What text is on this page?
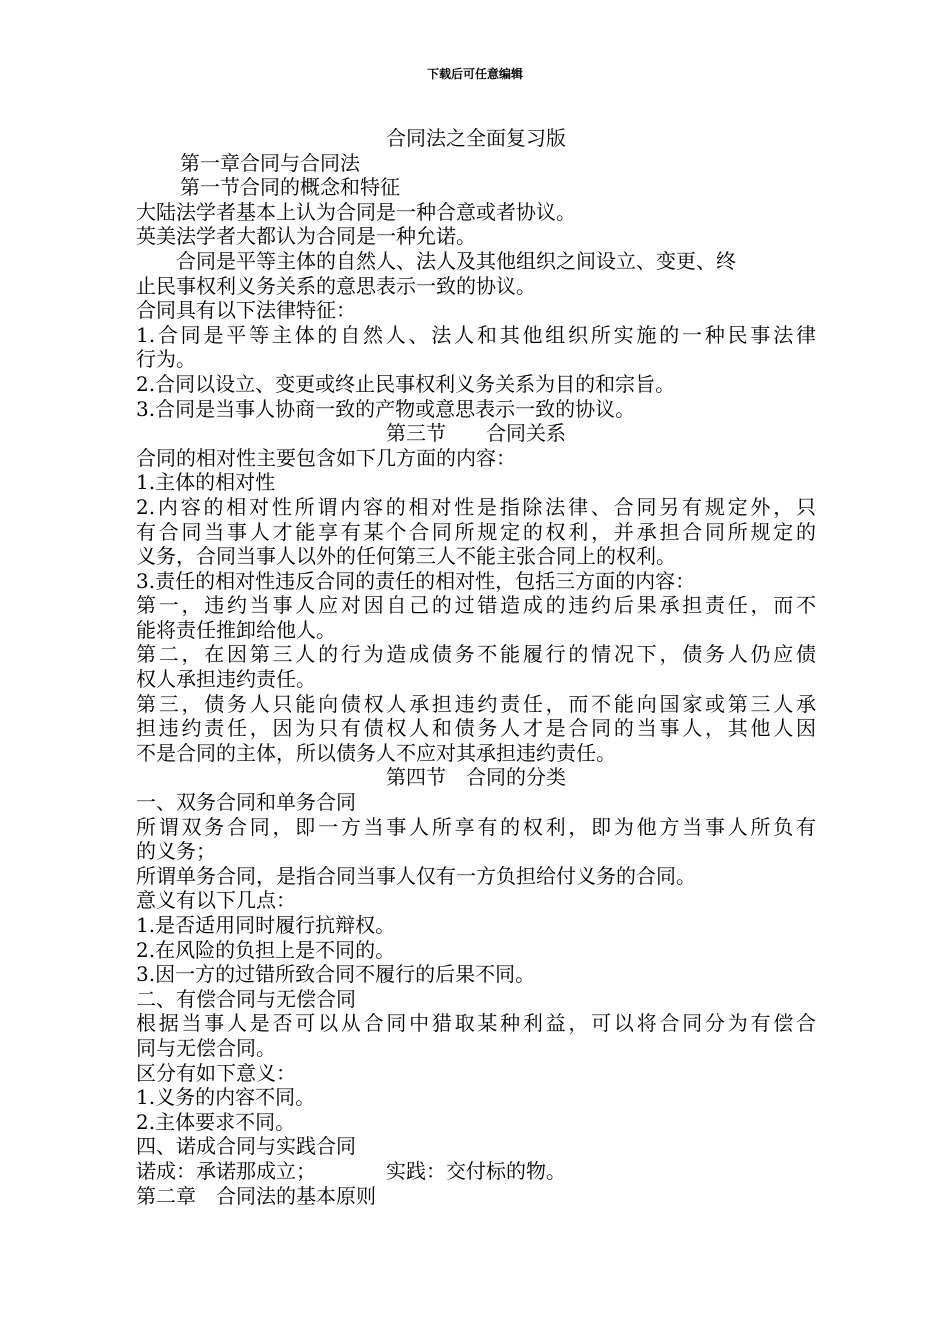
下载后可任意编辑
合同法之全面复习版
第一章合同与合同法
第一节合同的概念和特征
大陆法学者基本上认为合同是一种合意或者协议。
英美法学者大都认为合同是一种允诺。
合同是平等主体的自然人、法人及其他组织之间设立、变更、终
止民事权利义务关系的意思表示一致的协议。
合同具有以下法律特征：
1.合同是平等主体的自然人、法人和其他组织所实施的一种民事法律
行为。
2.合同以设立、变更或终止民事权利义务关系为目的和宗旨。
3.合同是当事人协商一致的产物或意思表示一致的协议。
第三节　　合同关系
合同的相对性主要包含如下几方面的内容：
1.主体的相对性
2.内容的相对性所谓内容的相对性是指除法律、合同另有规定外，只
有合同当事人才能享有某个合同所规定的权利，并承担合同所规定的
义务，合同当事人以外的任何第三人不能主张合同上的权利。
3.责任的相对性违反合同的责任的相对性，包括三方面的内容：
第一，违约当事人应对因自己的过错造成的违约后果承担责任，而不
能将责任推卸给他人。
第二，在因第三人的行为造成债务不能履行的情况下，债务人仍应债
权人承担违约责任。
第三，债务人只能向债权人承担违约责任，而不能向国家或第三人承
担违约责任，因为只有债权人和债务人才是合同的当事人，其他人因
不是合同的主体，所以债务人不应对其承担违约责任。
第四节　合同的分类
一、双务合同和单务合同
所谓双务合同，即一方当事人所享有的权利，即为他方当事人所负有
的义务；
所谓单务合同，是指合同当事人仅有一方负担给付义务的合同。
意义有以下几点：
1.是否适用同时履行抗辩权。
2.在风险的负担上是不同的。
3.因一方的过错所致合同不履行的后果不同。
二、有偿合同与无偿合同
根据当事人是否可以从合同中猎取某种利益，可以将合同分为有偿合
同与无偿合同。
区分有如下意义：
1.义务的内容不同。
2.主体要求不同。
四、诺成合同与实践合同
诺成：承诺那成立；　　　　实践：交付标的物。
第二章　合同法的基本原则
